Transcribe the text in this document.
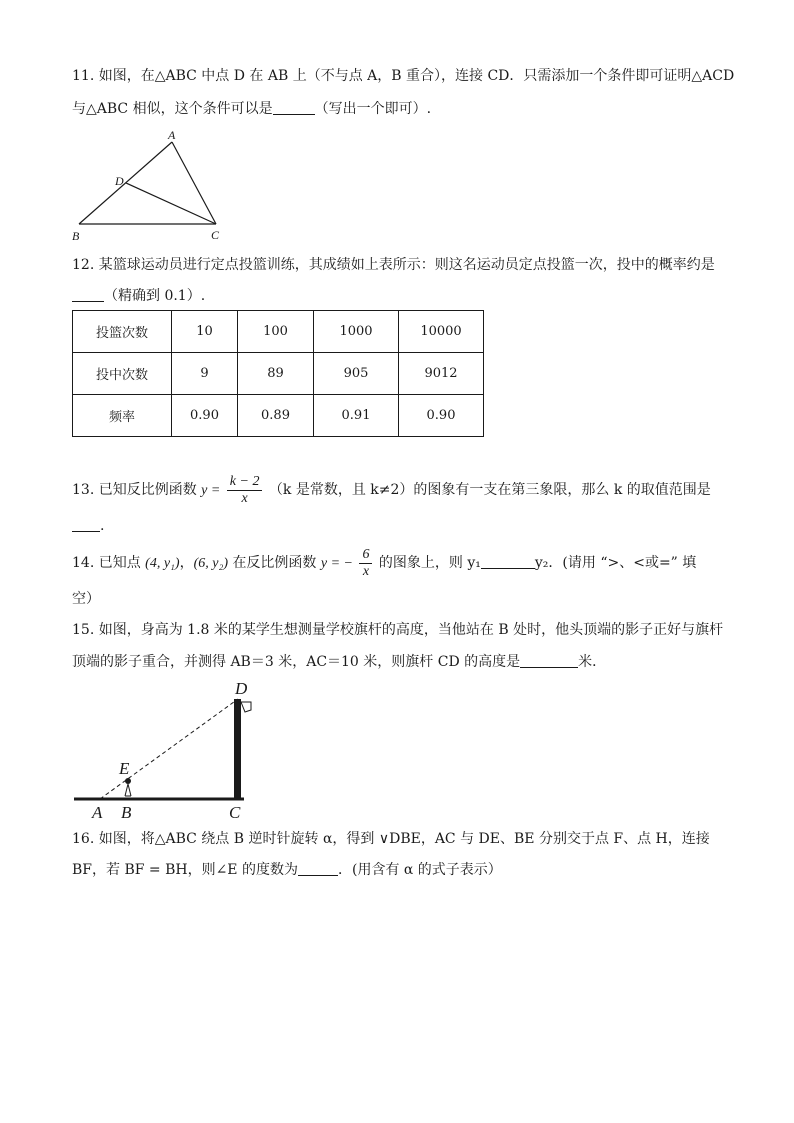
11. 如图，在△ABC 中点 D 在 AB 上（不与点 A，B 重合），连接 CD．只需添加一个条件即可证明△ACD
与△ABC 相似，这个条件可以是	（写出一个即可）.
A
B	C
D
12. 某篮球运动员进行定点投篮训练，其成绩如上表所示：则这名运动员定点投篮一次，投中的概率约是
（精确到 0.1）.
投篮次数	10	100	1000	10000
投中次数	9	89	905	9012
频率	0.90	0.89	0.91	0.90
13. 已知反比例函数 $y = \frac{k - 2}{x} (k$ 是常数，且 k≠2）的图象有一支在第三象限，那么 k 的取值范围是
.
14. 已知点 (4, y₁)，(6, y₂) 在反比例函数 y = − $\frac{6}{x}$ 的图象上，则 y₁	y₂．(请用 “>、<或=” 填
空）
15. 如图，身高为 1.8 米的某学生想测量学校旗杆的高度，当他站在 B 处时，他头顶端的影子正好与旗杆
顶端的影子重合，并测得 AB＝3 米，AC＝10 米，则旗杆 CD 的高度是	米．
D
E
A B	C
16. 如图，将△ABC 绕点 B 逆时针旋转 α，得到 ∨DBE，AC 与 DE、BE 分别交于点 F、点 H，连接
BF，若 BF = BH，则∠E 的度数为	．(用含有 α 的式子表示）
